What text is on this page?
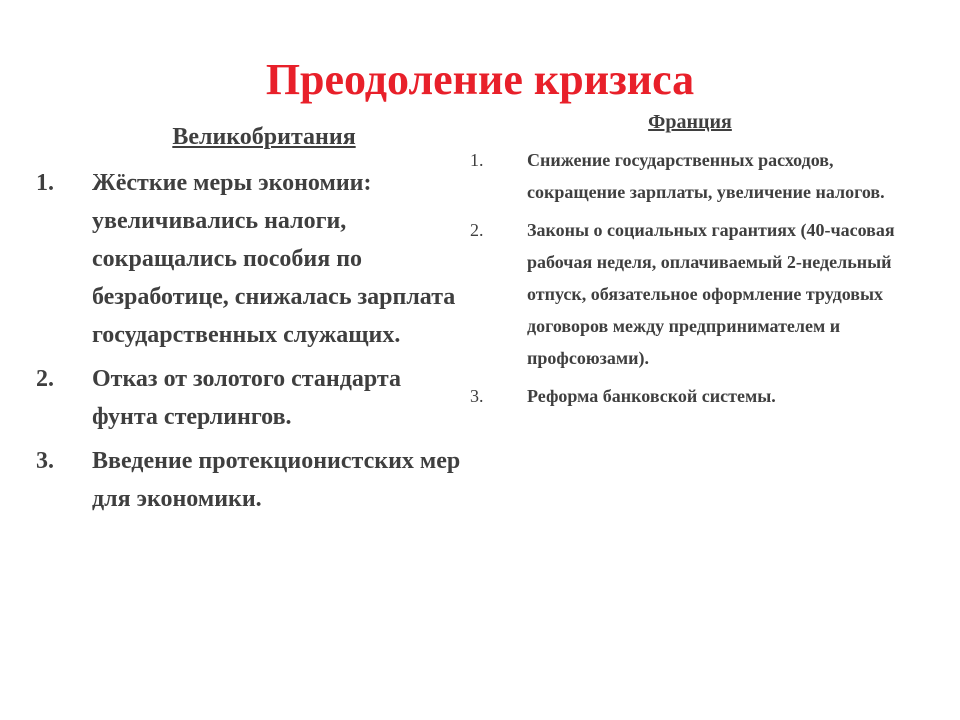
Преодоление кризиса
Великобритания
1.	Жёсткие меры экономии: увеличивались налоги, сокращались пособия по безработице, снижалась зарплата государственных служащих.
2.	Отказ от золотого стандарта фунта стерлингов.
3.	Введение протекционистских мер для экономики.
Франция
1.	Снижение государственных расходов, сокращение зарплаты, увеличение налогов.
2.	Законы о социальных гарантиях (40-часовая рабочая неделя, оплачиваемый 2-недельный отпуск, обязательное оформление трудовых договоров между предпринимателем и профсоюзами).
3.	Реформа банковской системы.
